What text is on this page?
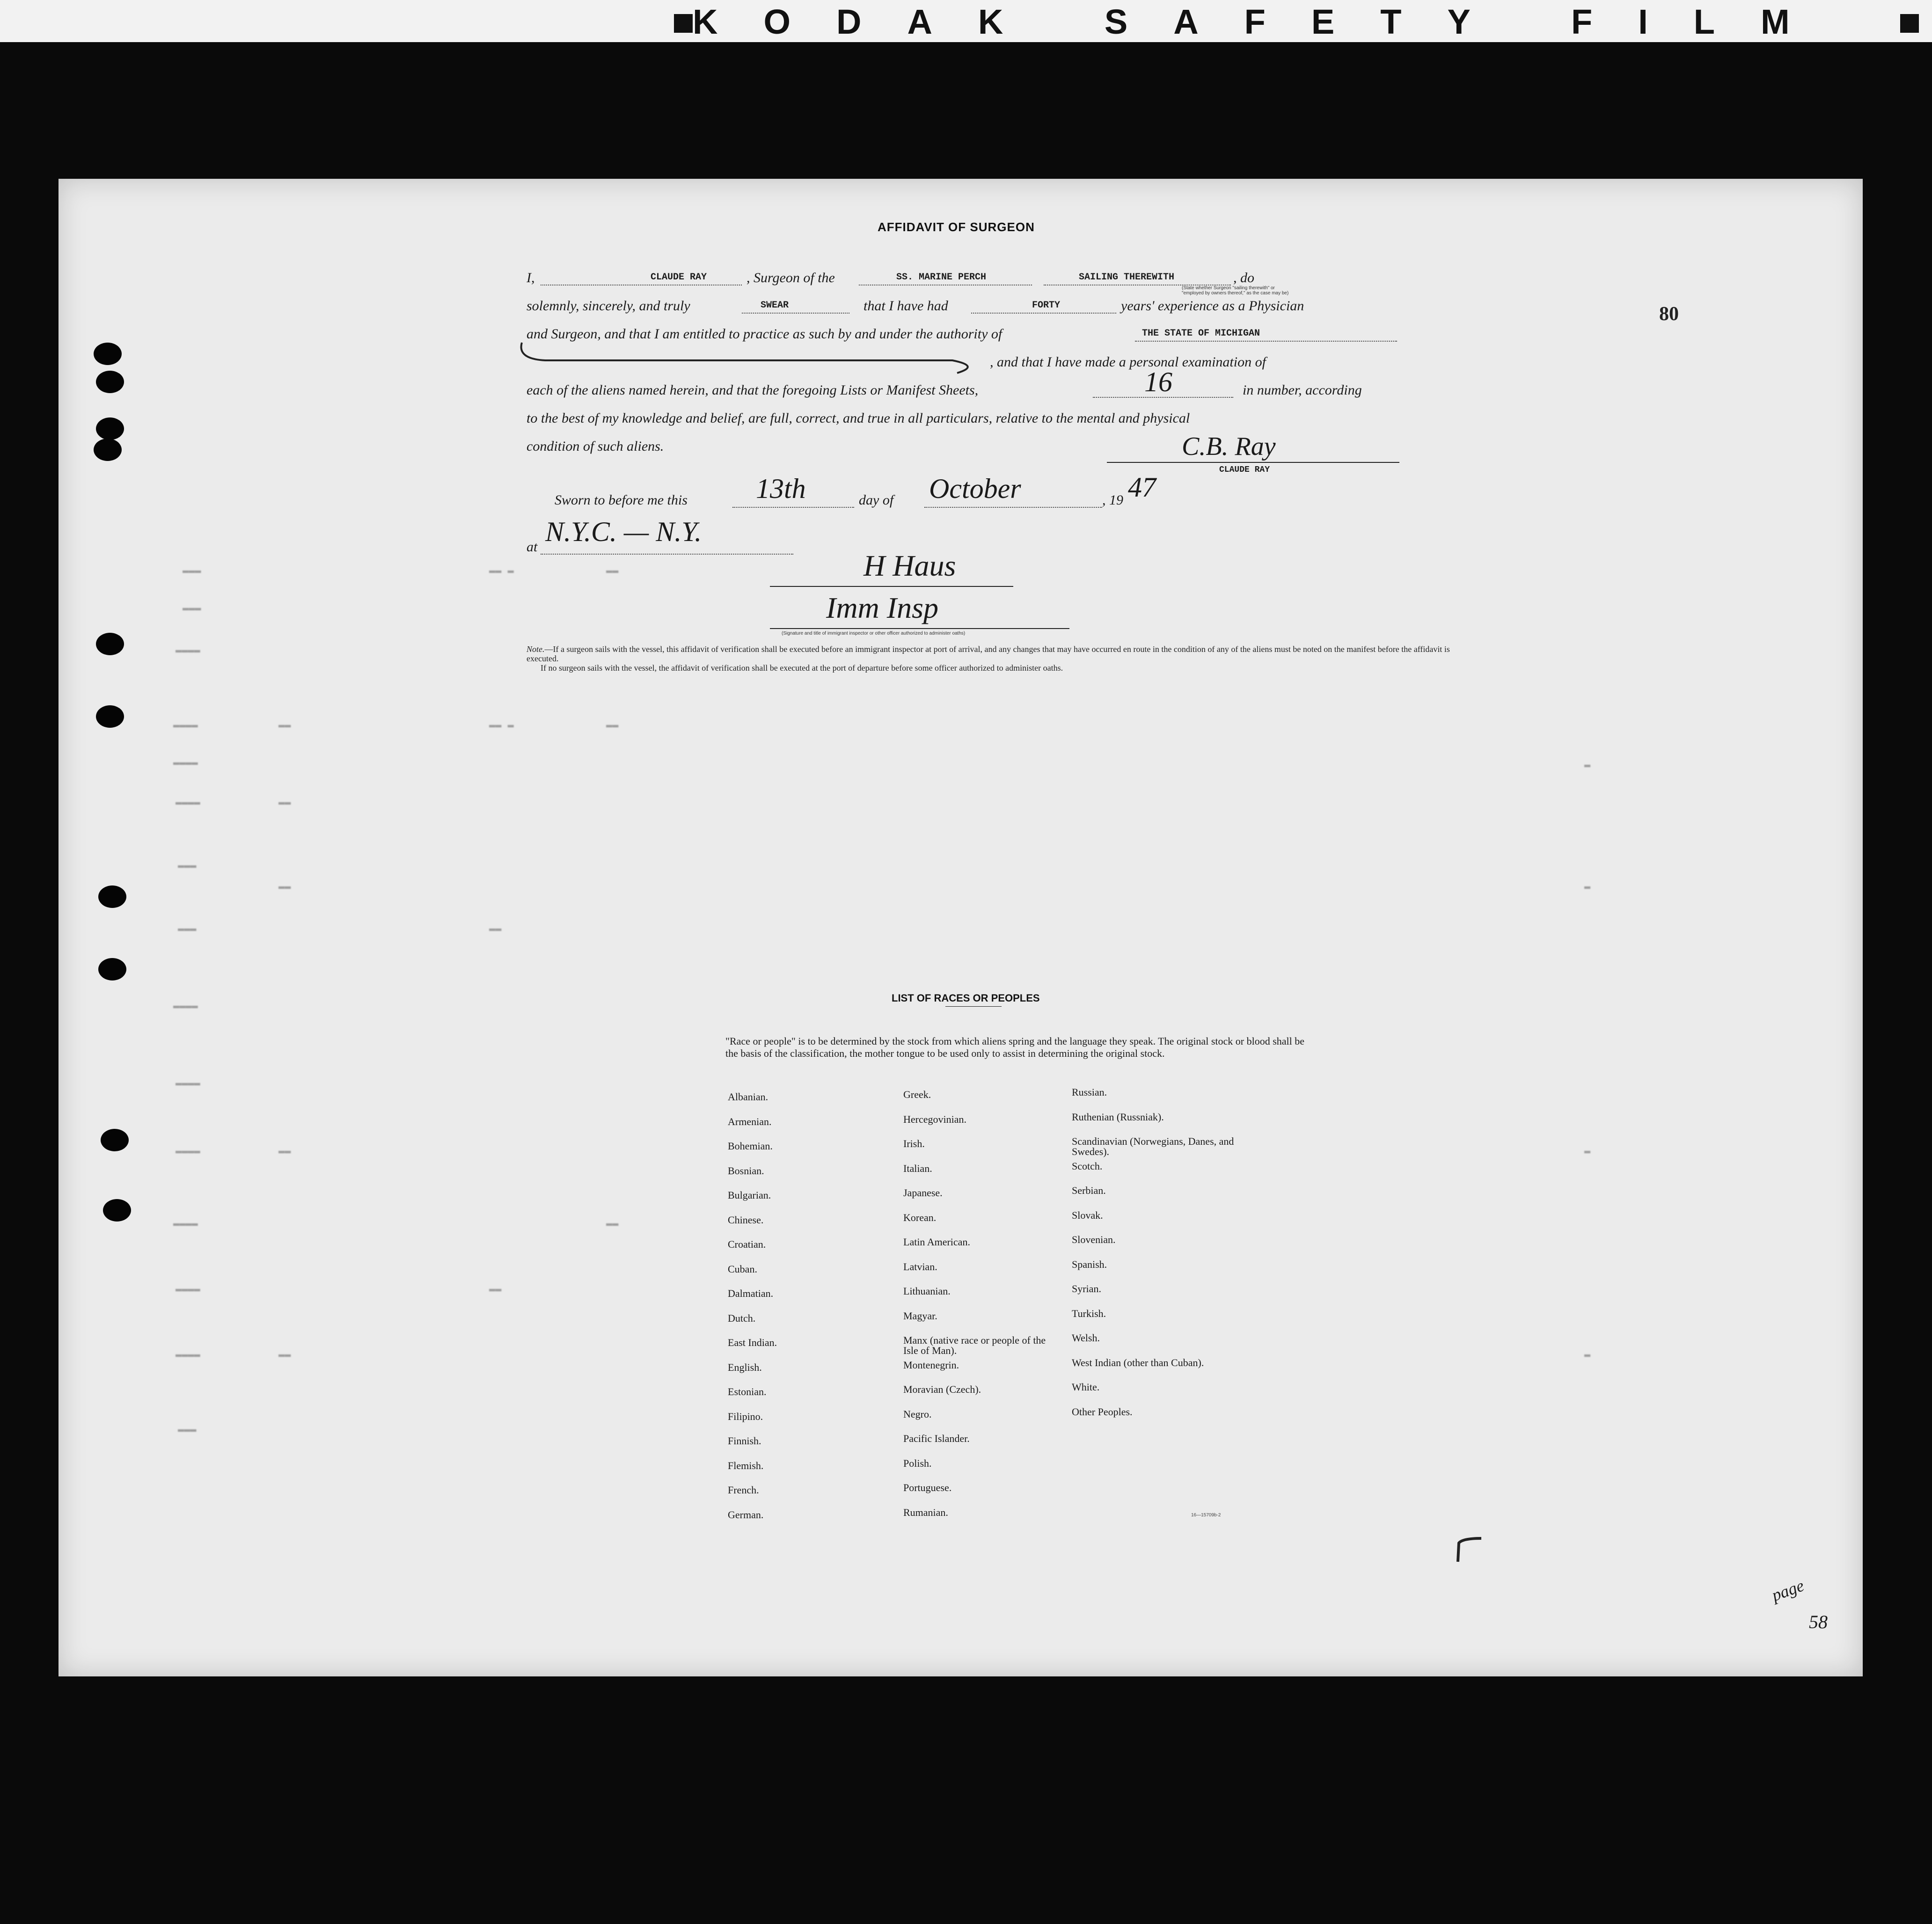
KODAK SAFETY FILM
80
▬▬▬
▬▬▬
▬▬▬▬
▬▬▬▬
▬▬▬▬
▬▬▬▬
▬▬▬
▬▬▬
▬▬▬▬
▬▬▬▬
▬▬▬▬
▬▬▬▬
▬▬▬▬
▬▬▬▬
▬▬▬
▬▬
▬▬
▬▬
▬▬
▬▬
▬▬ ▬
▬▬ ▬
▬▬
▬▬
▬▬
▬▬
▬▬
▬
▬
▬
▬
AFFIDAVIT OF SURGEON
I,	CLAUDE RAY	, Surgeon of the	SS. MARINE PERCH	SAILING THEREWITH	, do
(State whether Surgeon "sailing therewith" or "employed by owners thereof," as the case may be)
solemnly, sincerely, and truly	SWEAR	that I have had	FORTY	years' experience as a Physician
and Surgeon, and that I am entitled to practice as such by and under the authority of	THE STATE OF MICHIGAN
, and that I have made a personal examination of
each of the aliens named herein, and that the foregoing Lists or Manifest Sheets,	16	in number, according
to the best of my knowledge and belief, are full, correct, and true in all particulars, relative to the mental and physical
condition of such aliens.	C.B. Ray
CLAUDE RAY
Sworn to before me this 13th	day of October	, 19 47
at N.Y.C. — N.Y.
H Haus
Imm Insp
(Signature and title of immigrant inspector or other officer authorized to administer oaths)
Note.—If a surgeon sails with the vessel, this affidavit of verification shall be executed before an immigrant inspector at port of arrival, and any changes that may have occurred en route in the condition of any of the aliens must be noted on the manifest before the affidavit is executed.
If no surgeon sails with the vessel, the affidavit of verification shall be executed at the port of departure before some officer authorized to administer oaths.
LIST OF RACES OR PEOPLES
"Race or people" is to be determined by the stock from which aliens spring and the language they speak. The original stock or blood shall be the basis of the classification, the mother tongue to be used only to assist in determining the original stock.
Albanian.
Armenian.
Bohemian.
Bosnian.
Bulgarian.
Chinese.
Croatian.
Cuban.
Dalmatian.
Dutch.
East Indian.
English.
Estonian.
Filipino.
Finnish.
Flemish.
French.
German.
Greek.
Hercegovinian.
Irish.
Italian.
Japanese.
Korean.
Latin American.
Latvian.
Lithuanian.
Magyar.
Manx (native race or people of the Isle of Man).
Montenegrin.
Moravian (Czech).
Negro.
Pacific Islander.
Polish.
Portuguese.
Rumanian.
Russian.
Ruthenian (Russniak).
Scandinavian (Norwegians, Danes, and Swedes).
Scotch.
Serbian.
Slovak.
Slovenian.
Spanish.
Syrian.
Turkish.
Welsh.
West Indian (other than Cuban).
White.
Other Peoples.
16—15709b-2
page
58
